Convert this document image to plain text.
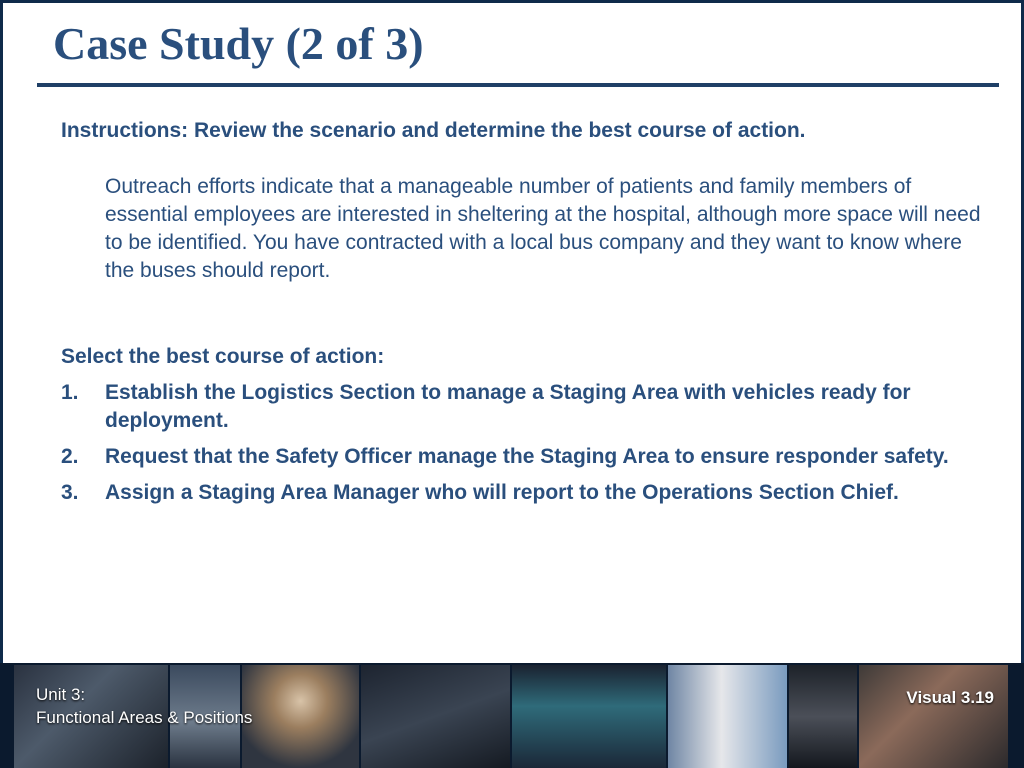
Case Study (2 of 3)

Instructions: Review the scenario and determine the best course of action.

Outreach efforts indicate that a manageable number of patients and family members of essential employees are interested in sheltering at the hospital, although more space will need to be identified. You have contracted with a local bus company and they want to know where the buses should report.

Select the best course of action:

1.	Establish the Logistics Section to manage a Staging Area with vehicles ready for deployment.
2.	Request that the Safety Officer manage the Staging Area to ensure responder safety.
3.	Assign a Staging Area Manager who will report to the Operations Section Chief.
Unit 3:
Functional Areas & Positions
Visual 3.19
